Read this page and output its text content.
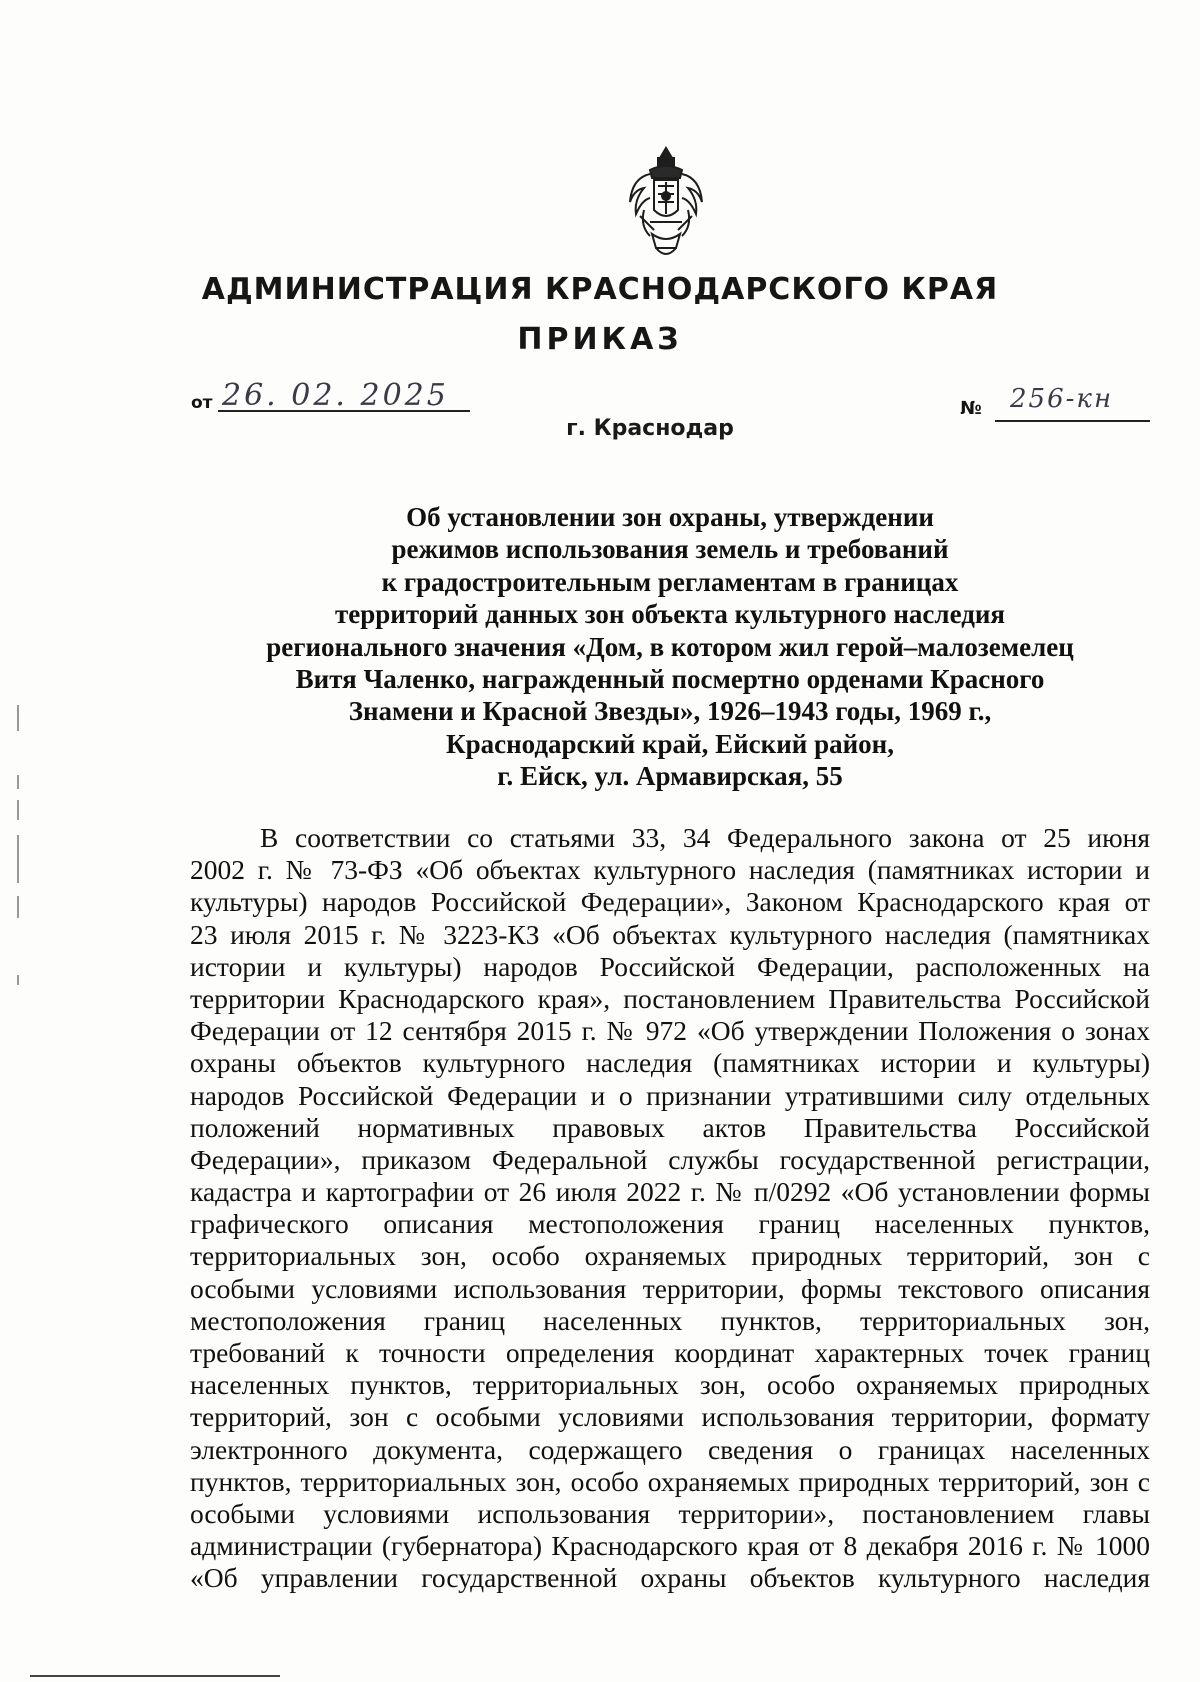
АДМИНИСТРАЦИЯ КРАСНОДАРСКОГО КРАЯ
ПРИКАЗ
от 26. 02. 2025	№ 256-кн
г. Краснодар
Об установлении зон охраны, утверждении
режимов использования земель и требований
к градостроительным регламентам в границах
территорий данных зон объекта культурного наследия
регионального значения «Дом, в котором жил герой–малоземелец
Витя Чаленко, награжденный посмертно орденами Красного
Знамени и Красной Звезды», 1926–1943 годы, 1969 г.,
Краснодарский край, Ейский район,
г. Ейск, ул. Армавирская, 55
В соответствии со статьями 33, 34 Федерального закона от 25 июня
2002 г. № 73-ФЗ «Об объектах культурного наследия (памятниках истории и
культуры) народов Российской Федерации», Законом Краснодарского края от
23 июля 2015 г. № 3223-КЗ «Об объектах культурного наследия (памятниках
истории и культуры) народов Российской Федерации, расположенных на
территории Краснодарского края», постановлением Правительства Российской
Федерации от 12 сентября 2015 г. № 972 «Об утверждении Положения о зонах
охраны объектов культурного наследия (памятниках истории и культуры)
народов Российской Федерации и о признании утратившими силу отдельных
положений нормативных правовых актов Правительства Российской
Федерации», приказом Федеральной службы государственной регистрации,
кадастра и картографии от 26 июля 2022 г. № п/0292 «Об установлении формы
графического описания местоположения границ населенных пунктов,
территориальных зон, особо охраняемых природных территорий, зон с
особыми условиями использования территории, формы текстового описания
местоположения границ населенных пунктов, территориальных зон,
требований к точности определения координат характерных точек границ
населенных пунктов, территориальных зон, особо охраняемых природных
территорий, зон с особыми условиями использования территории, формату
электронного документа, содержащего сведения о границах населенных
пунктов, территориальных зон, особо охраняемых природных территорий, зон с
особыми условиями использования территории», постановлением главы
администрации (губернатора) Краснодарского края от 8 декабря 2016 г. № 1000
«Об управлении государственной охраны объектов культурного наследия
